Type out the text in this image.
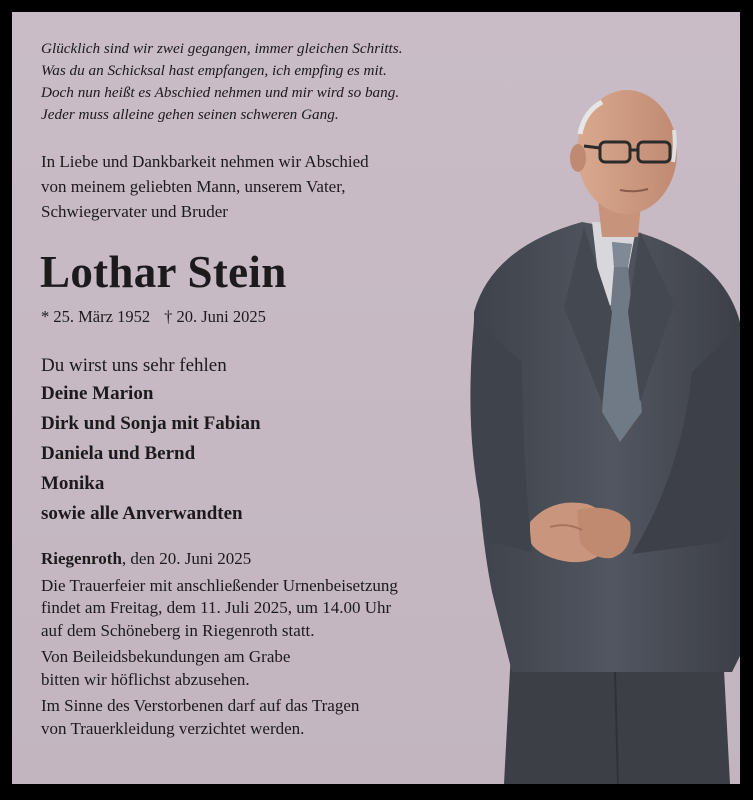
Glücklich sind wir zwei gegangen, immer gleichen Schritts.
Was du an Schicksal hast empfangen, ich empfing es mit.
Doch nun heißt es Abschied nehmen und mir wird so bang.
Jeder muss alleine gehen seinen schweren Gang.
In Liebe und Dankbarkeit nehmen wir Abschied
von meinem geliebten Mann, unserem Vater,
Schwiegervater und Bruder
Lothar Stein
* 25. März 1952 † 20. Juni 2025
Du wirst uns sehr fehlen
Deine Marion
Dirk und Sonja mit Fabian
Daniela und Bernd
Monika
sowie alle Anverwandten

Riegenroth, den 20. Juni 2025

Die Trauerfeier mit anschließender Urnenbeisetzung
findet am Freitag, dem 11. Juli 2025, um 14.00 Uhr
auf dem Schöneberg in Riegenroth statt.

Von Beileidsbekundungen am Grabe
bitten wir höflichst abzusehen.

Im Sinne des Verstorbenen darf auf das Tragen
von Trauerkleidung verzichtet werden.
